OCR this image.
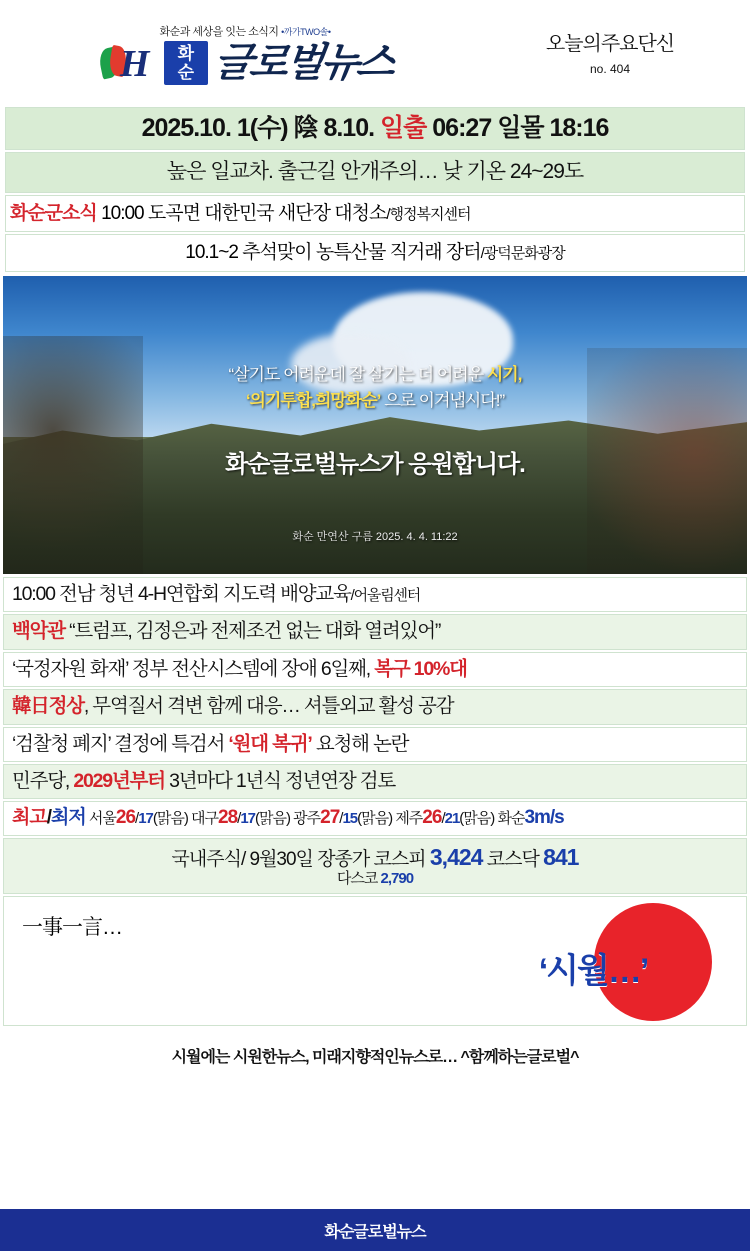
화순과 세상을 잇는 소식지 •까가TWO솔•
H 화
순 글로벌뉴스	오늘의주요단신
no. 404
2025.10. 1(수) 陰 8.10. 일출 06:27 일몰 18:16
높은 일교차. 출근길 안개주의… 낮 기온 24~29도
화순군소식 10:00 도곡면 대한민국 새단장 대청소/행정복지센터
10.1~2 추석맞이 농특산물 직거래 장터/광덕문화광장
“살기도 어려운데 잘 살기는 더 어려운 시기,
‘의기투합,희망화순’ 으로 이겨냅시다!”
화순글로벌뉴스가 응원합니다.
화순 만연산 구름 2025. 4. 4. 11:22
10:00 전남 청년 4-H연합회 지도력 배양교육/어울림센터
백악관 “트럼프, 김정은과 전제조건 없는 대화 열려있어”
‘국정자원 화재’ 정부 전산시스템에 장애 6일째, 복구 10%대
韓日정상, 무역질서 격변 함께 대응… 셔틀외교 활성 공감
‘검찰청 폐지’ 결정에 특검서 ‘원대 복귀’ 요청해 논란
민주당, 2029년부터 3년마다 1년식 정년연장 검토
최고/최저 서울26/17(맑음) 대구28/17(맑음) 광주27/15(맑음) 제주26/21(맑음) 화순3m/s
국내주식/ 9월30일 장종가 코스피 3,424 코스닥 841
다스코 2,790
一事一言…
‘시월…’
시월에는 시원한뉴스, 미래지향적인뉴스로… ^함께하는글로벌^
화순글로벌뉴스
